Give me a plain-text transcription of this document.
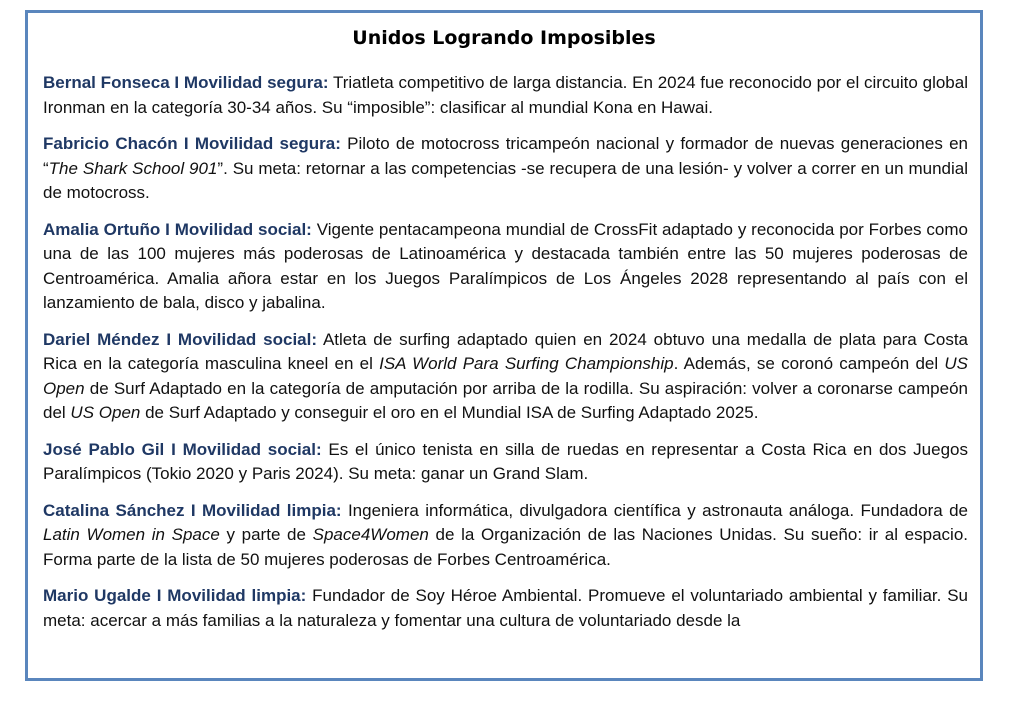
Unidos Logrando Imposibles

Bernal Fonseca I Movilidad segura: Triatleta competitivo de larga distancia. En 2024 fue reconocido por el circuito global Ironman en la categoría 30-34 años. Su “imposible”: clasificar al mundial Kona en Hawai.

Fabricio Chacón I Movilidad segura: Piloto de motocross tricampeón nacional y formador de nuevas generaciones en “The Shark School 901”. Su meta: retornar a las competencias -se recupera de una lesión- y volver a correr en un mundial de motocross.

Amalia Ortuño I Movilidad social: Vigente pentacampeona mundial de CrossFit adaptado y reconocida por Forbes como una de las 100 mujeres más poderosas de Latinoamérica y destacada también entre las 50 mujeres poderosas de Centroamérica. Amalia añora estar en los Juegos Paralímpicos de Los Ángeles 2028 representando al país con el lanzamiento de bala, disco y jabalina.

Dariel Méndez I Movilidad social: Atleta de surfing adaptado quien en 2024 obtuvo una medalla de plata para Costa Rica en la categoría masculina kneel en el ISA World Para Surfing Championship. Además, se coronó campeón del US Open de Surf Adaptado en la categoría de amputación por arriba de la rodilla. Su aspiración: volver a coronarse campeón del US Open de Surf Adaptado y conseguir el oro en el Mundial ISA de Surfing Adaptado 2025.

José Pablo Gil I Movilidad social: Es el único tenista en silla de ruedas en representar a Costa Rica en dos Juegos Paralímpicos (Tokio 2020 y Paris 2024). Su meta: ganar un Grand Slam.

Catalina Sánchez I Movilidad limpia: Ingeniera informática, divulgadora científica y astronauta análoga. Fundadora de Latin Women in Space y parte de Space4Women de la Organización de las Naciones Unidas. Su sueño: ir al espacio. Forma parte de la lista de 50 mujeres poderosas de Forbes Centroamérica.

Mario Ugalde I Movilidad limpia: Fundador de Soy Héroe Ambiental. Promueve el voluntariado ambiental y familiar. Su meta: acercar a más familias a la naturaleza y fomentar una cultura de voluntariado desde la
